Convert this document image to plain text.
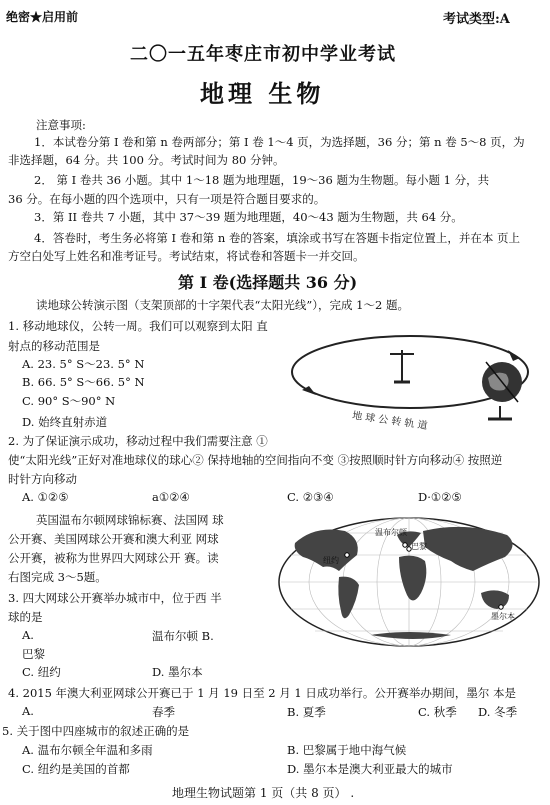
绝密★启用前	考试类型:A
二〇一五年枣庄市初中学业考试
地理 生物
注意事项:
1．本试卷分第 Ⅰ 卷和第 n 卷两部分；第 Ⅰ 卷 1～4 页，为选择题，36 分；第 n 卷 5～8 页，为
非选择题，64 分。共 100 分。考试时间为 80 分钟。
2． 第 Ⅰ 卷共 36 小题。其中 1～18 题为地理题，19～36 题为生物题。每小题 1 分，共
36 分。在每小题的四个选项中，只有一项是符合题目要求的。
3．第 II 卷共 7 小题，其中 37～39 题为地理题，40～43 题为生物题，共 64 分。
4．答卷时，考生务必将第 Ⅰ 卷和第 n 卷的答案，填涂或书写在答题卡指定位置上，并在本 页上
方空白处写上姓名和准考证号。考试结束，将试卷和答题卡一并交回。
第 Ⅰ 卷(选择题共 36 分)
读地球公转演示图（支架顶部的十字架代表“太阳光线”），完成 1～2 题。
1. 移动地球仪，公转一周。我们可以观察到太阳 直
射点的移动范围是
A. 23. 5° S～23. 5° N
B. 66. 5° S～66. 5° N
C. 90° S～90° N
D. 始终直射赤道	地 球 公 转 轨 道
2. 为了保证演示成功，移动过程中我们需要注意 ①
使“太阳光线”正好对准地球仪的球心② 保持地轴的空间指向不变 ③按照顺时针方向移动④ 按照逆
时针方向移动
A. ①②⑤	a①②④	C. ②③④	D·①②⑤
英国温布尔顿网球锦标赛、法国网 球
公开赛、美国网球公开赛和澳大利亚 网球
公开赛，被称为世界四大网球公开 赛。读
右图完成 3～5题。
温布尔顿
巴黎
纽约
墨尔本
3. 四大网球公开赛举办城市中，位于西 半
球的是
A.	温布尔顿 B.
巴黎
C. 纽约	D. 墨尔本
4. 2015 年澳大利亚网球公开赛已于 1 月 19 日至 2 月 1 日成功举行。公开赛举办期间，墨尔 本是
A.	春季	B. 夏季	C. 秋季 D. 冬季
5. 关于图中四座城市的叙述正确的是
A. 温布尔顿全年温和多雨	B. 巴黎属于地中海气候
C. 纽约是美国的首都	D. 墨尔本是澳大利亚最大的城市
地理生物试题第 1 页（共 8 页） .
